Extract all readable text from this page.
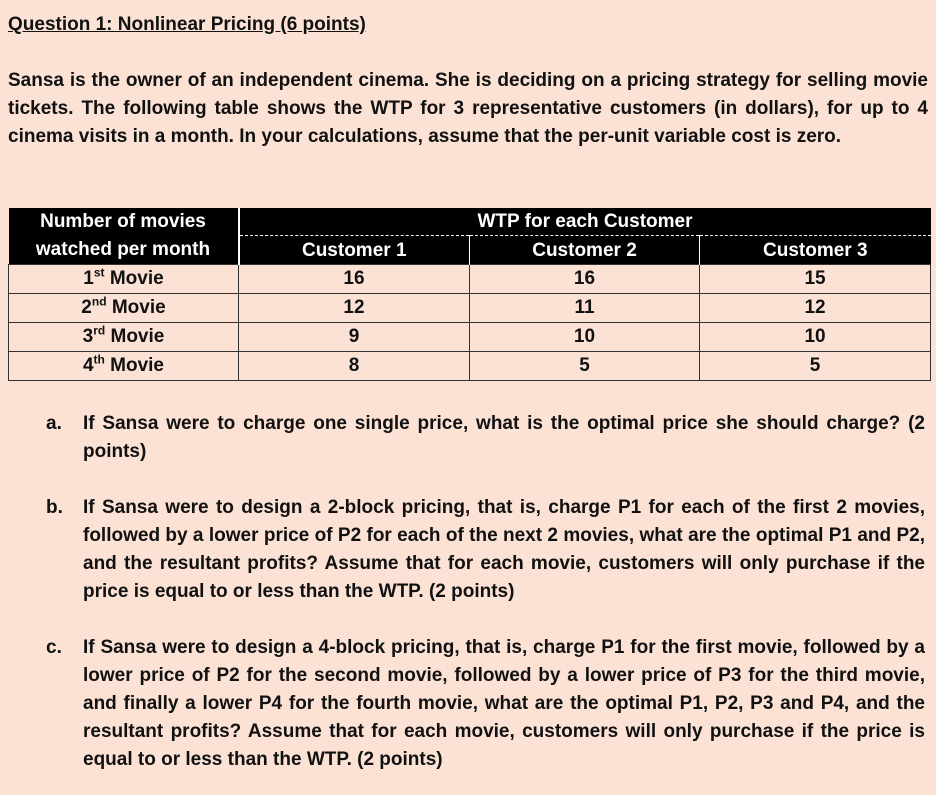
Question 1: Nonlinear Pricing (6 points)

Sansa is the owner of an independent cinema. She is deciding on a pricing strategy for selling movie tickets. The following table shows the WTP for 3 representative customers (in dollars), for up to 4 cinema visits in a month. In your calculations, assume that the per-unit variable cost is zero.

Number of movies
watched per month	WTP for each Customer		
	Customer 1	Customer 2	Customer 3
1st Movie	16	16	15
2nd Movie	12	11	12
3rd Movie	9	10	10
4th Movie	8	5	5
a. If Sansa were to charge one single price, what is the optimal price she should charge? (2 points)

b. If Sansa were to design a 2-block pricing, that is, charge P1 for each of the first 2 movies, followed by a lower price of P2 for each of the next 2 movies, what are the optimal P1 and P2, and the resultant profits? Assume that for each movie, customers will only purchase if the price is equal to or less than the WTP. (2 points)

c. If Sansa were to design a 4-block pricing, that is, charge P1 for the first movie, followed by a lower price of P2 for the second movie, followed by a lower price of P3 for the third movie, and finally a lower P4 for the fourth movie, what are the optimal P1, P2, P3 and P4, and the resultant profits? Assume that for each movie, customers will only purchase if the price is equal to or less than the WTP. (2 points)
